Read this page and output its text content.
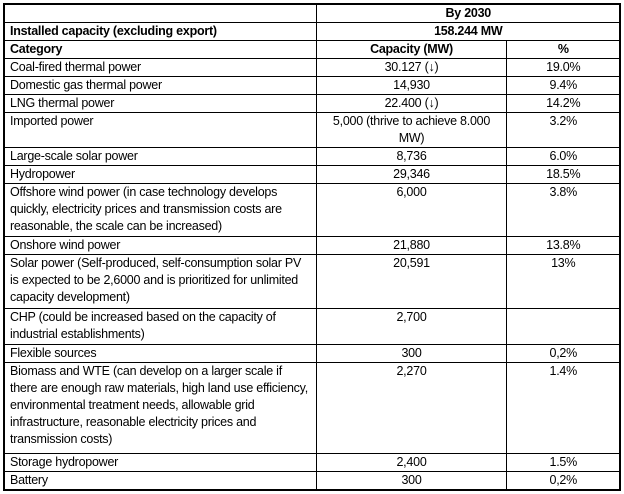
	By 2030	
Installed capacity (excluding export)	158.244 MW	
Category	Capacity (MW)	%
Coal-fired thermal power	30.127 (↓)	19.0%
Domestic gas thermal power	14,930	9.4%
LNG thermal power	22.400 (↓)	14.2%
Imported power	5,000 (thrive to achieve 8.000 MW)	3.2%
Large-scale solar power	8,736	6.0%
Hydropower	29,346	18.5%
Offshore wind power (in case technology develops quickly, electricity prices and transmission costs are reasonable, the scale can be increased)	6,000	3.8%
Onshore wind power	21,880	13.8%
Solar power (Self-produced, self-consumption solar PV is expected to be 2,6000 and is prioritized for unlimited capacity development)	20,591	13%
CHP (could be increased based on the capacity of industrial establishments)	2,700	
Flexible sources	300	0,2%
Biomass and WTE (can develop on a larger scale if there are enough raw materials, high land use efficiency, environmental treatment needs, allowable grid infrastructure, reasonable electricity prices and transmission costs)	2,270	1.4%
Storage hydropower	2,400	1.5%
Battery	300	0,2%
